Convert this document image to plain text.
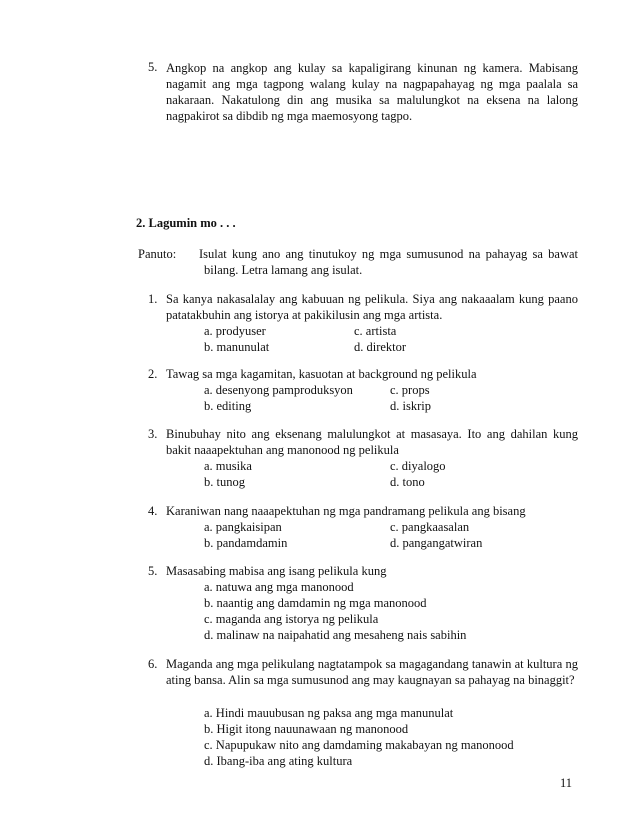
5. Angkop na angkop ang kulay sa kapaligirang kinunan ng kamera. Mabisang nagamit ang mga tagpong walang kulay na nagpapahayag ng mga paalala sa nakaraan. Nakatulong din ang musika sa malulungkot na eksena na lalong nagpakirot sa dibdib ng mga maemosyong tagpo.
2. Lagumin mo . . .
Panuto: Isulat kung ano ang tinutukoy ng mga sumusunod na pahayag sa bawat
bilang. Letra lamang ang isulat.
1. Sa kanya nakasalalay ang kabuuan ng pelikula. Siya ang nakaaalam kung paano patatakbuhin ang istorya at pakikilusin ang mga artista.
a. prodyuser	c. artista
b. manunulat	d. direktor
2. Tawag sa mga kagamitan, kasuotan at background ng pelikula
a. desenyong pamproduksyon	c. props
b. editing	d. iskrip
3. Binubuhay nito ang eksenang malulungkot at masasaya. Ito ang dahilan kung bakit naaapektuhan ang manonood ng pelikula
a. musika	c. diyalogo
b. tunog	d. tono
4. Karaniwan nang naaapektuhan ng mga pandramang pelikula ang bisang
a. pangkaisipan	c. pangkaasalan
b. pandamdamin	d. pangangatwiran
5. Masasabing mabisa ang isang pelikula kung
a. natuwa ang mga manonood
b. naantig ang damdamin ng mga manonood
c. maganda ang istorya ng pelikula
d. malinaw na naipahatid ang mesaheng nais sabihin
6. Maganda ang mga pelikulang nagtatampok sa magagandang tanawin at kultura ng ating bansa. Alin sa mga sumusunod ang may kaugnayan sa pahayag na binaggit?
a. Hindi mauubusan ng paksa ang mga manunulat
b. Higit itong nauunawaan ng manonood
c. Napupukaw nito ang damdaming makabayan ng manonood
d. Ibang-iba ang ating kultura
11
